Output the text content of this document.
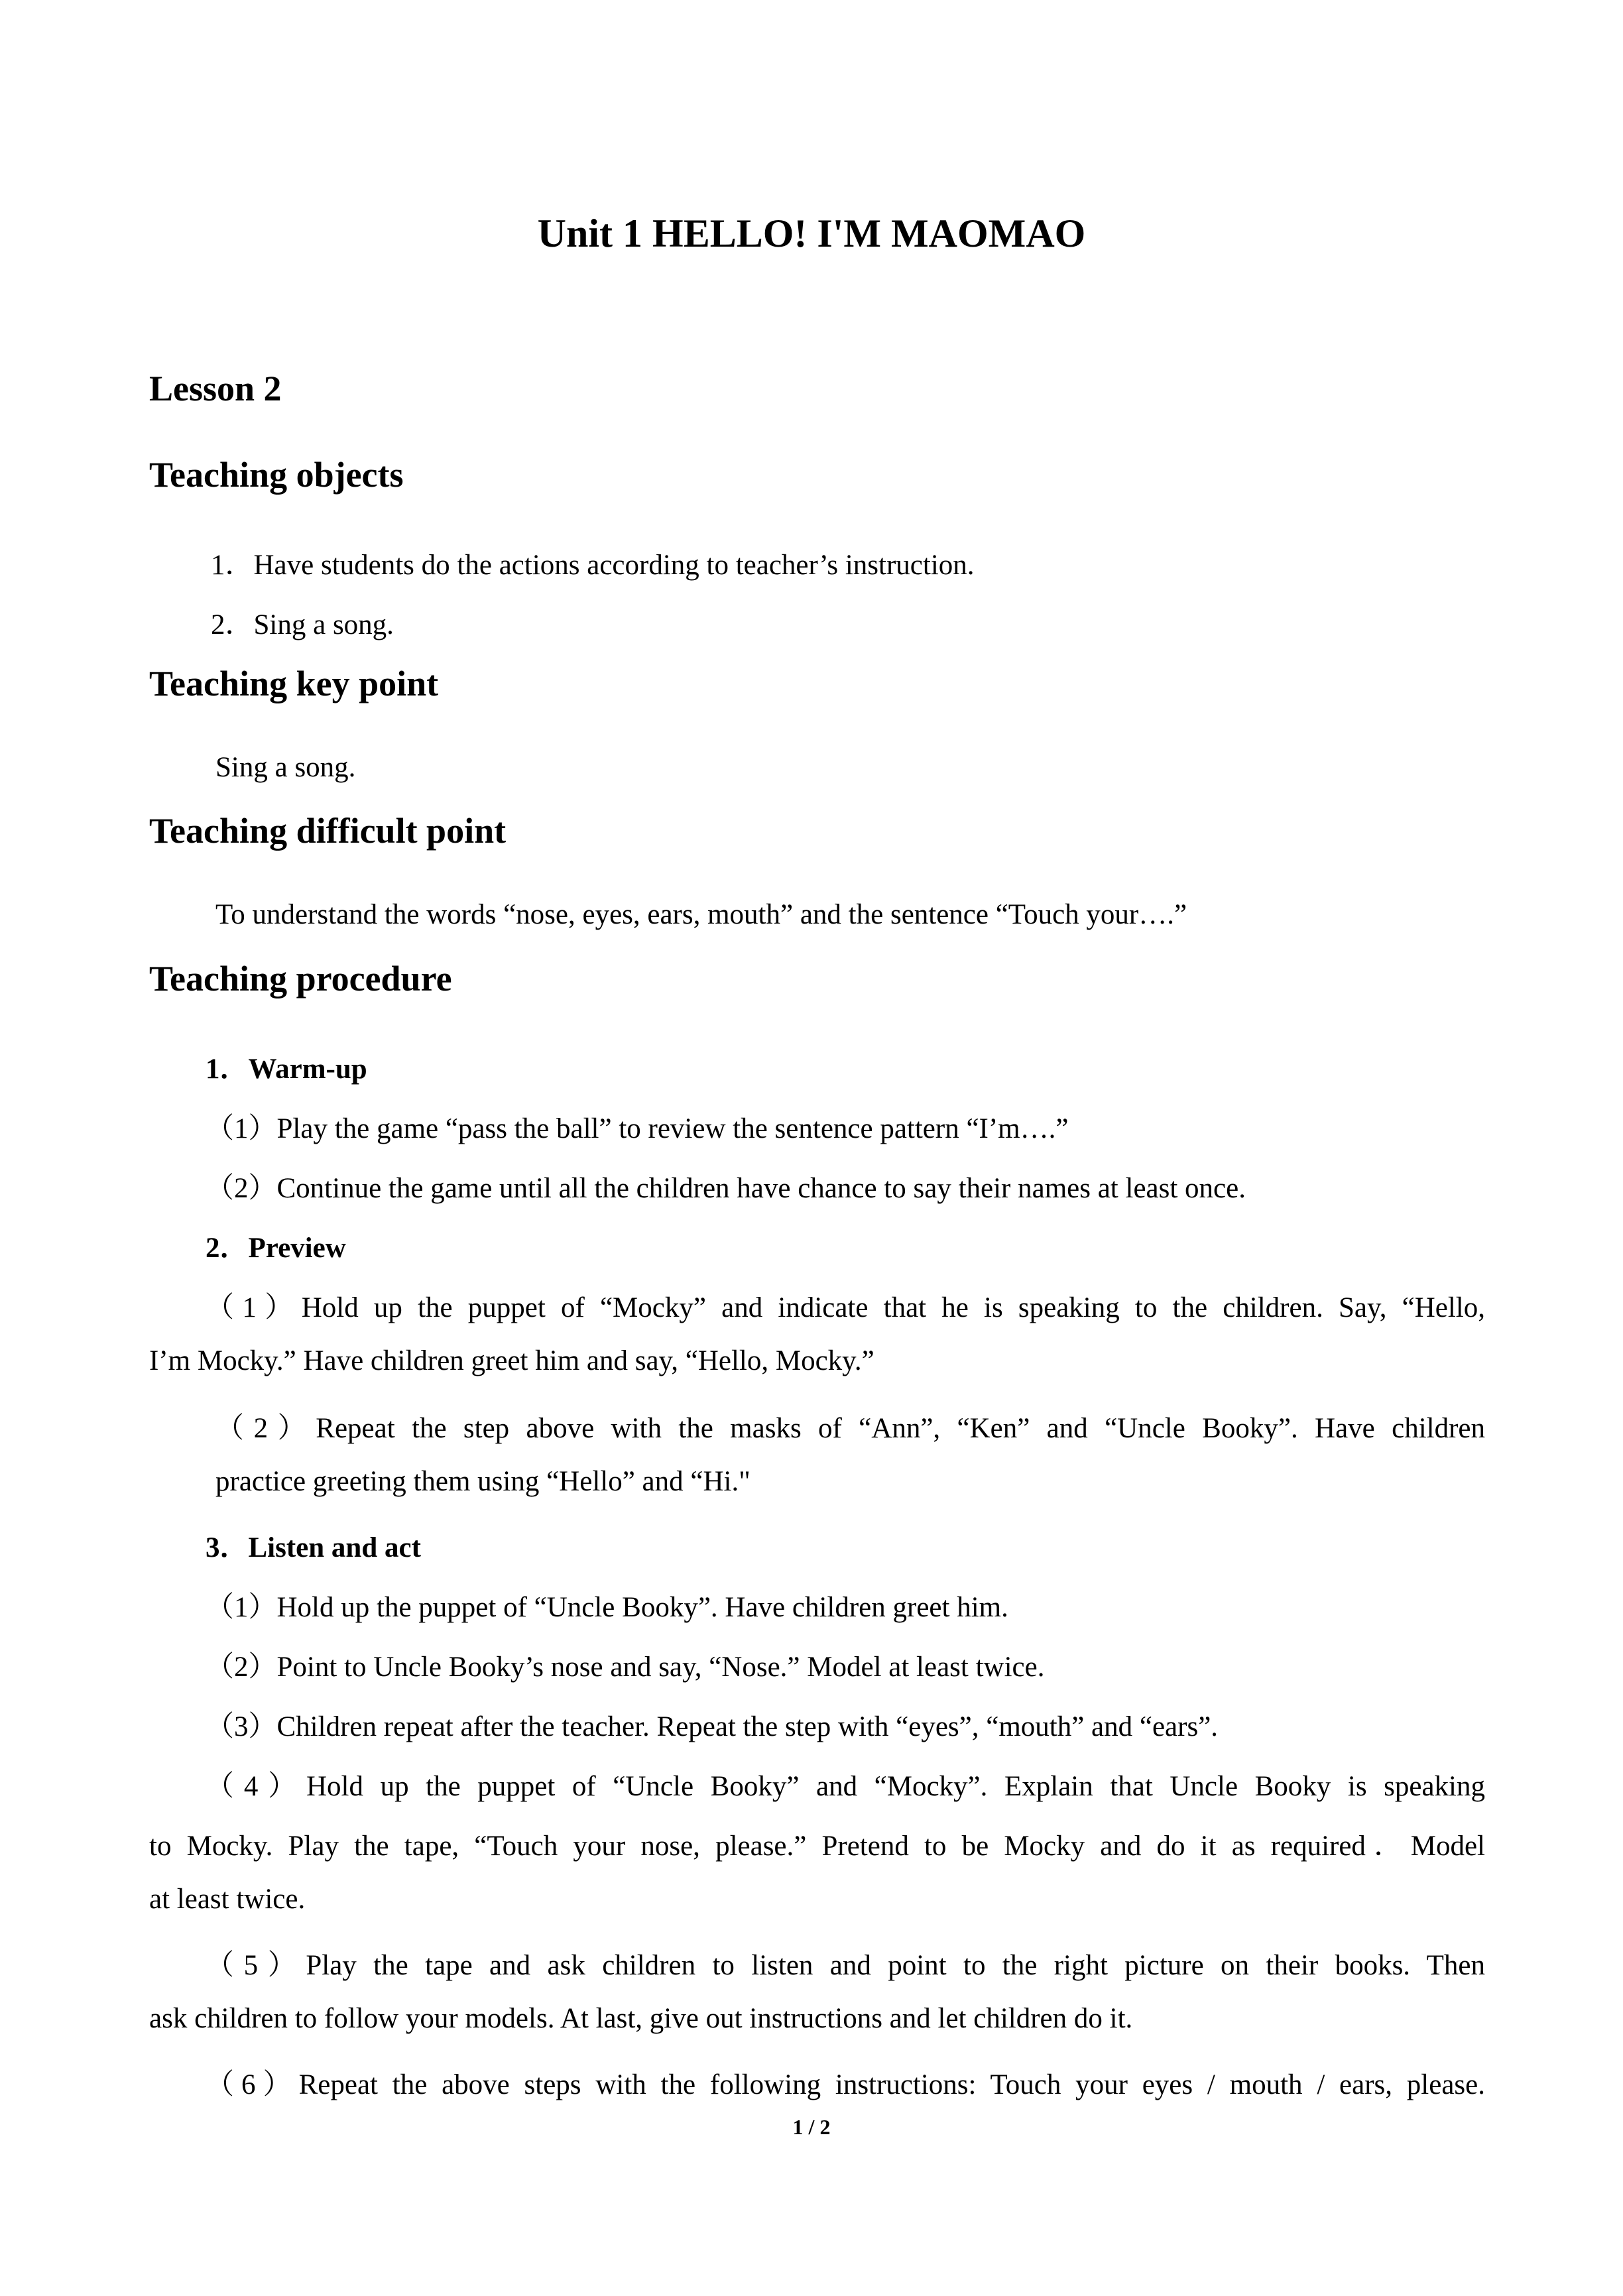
Unit 1 HELLO! I'M MAOMAO
Lesson 2
Teaching objects
1．Have students do the actions according to teacher’s instruction.
2．Sing a song.
Teaching key point
Sing a song.
Teaching difficult point
To understand the words “nose, eyes, ears, mouth” and the sentence “Touch your….”
Teaching procedure
1．Warm-up
（1）Play the game “pass the ball” to review the sentence pattern “I’m….”
（2）Continue the game until all the children have chance to say their names at least once.
2．Preview
（1）Hold up the puppet of “Mocky” and indicate that he is speaking to the children. Say, “Hello,
I’m Mocky.” Have children greet him and say, “Hello, Mocky.”
（2）Repeat the step above with the masks of “Ann”, “Ken” and “Uncle Booky”. Have children
practice greeting them using “Hello” and “Hi."
3．Listen and act
（1）Hold up the puppet of “Uncle Booky”. Have children greet him.
（2）Point to Uncle Booky’s nose and say, “Nose.” Model at least twice.
（3）Children repeat after the teacher. Repeat the step with “eyes”, “mouth” and “ears”.
（4）Hold up the puppet of “Uncle Booky” and “Mocky”. Explain that Uncle Booky is speaking
to Mocky. Play the tape, “Touch your nose, please.” Pretend to be Mocky and do it as required．Model
at least twice.
（5）Play the tape and ask children to listen and point to the right picture on their books. Then
ask children to follow your models. At last, give out instructions and let children do it.
（6）Repeat the above steps with the following instructions: Touch your eyes / mouth / ears, please.
1 / 2
